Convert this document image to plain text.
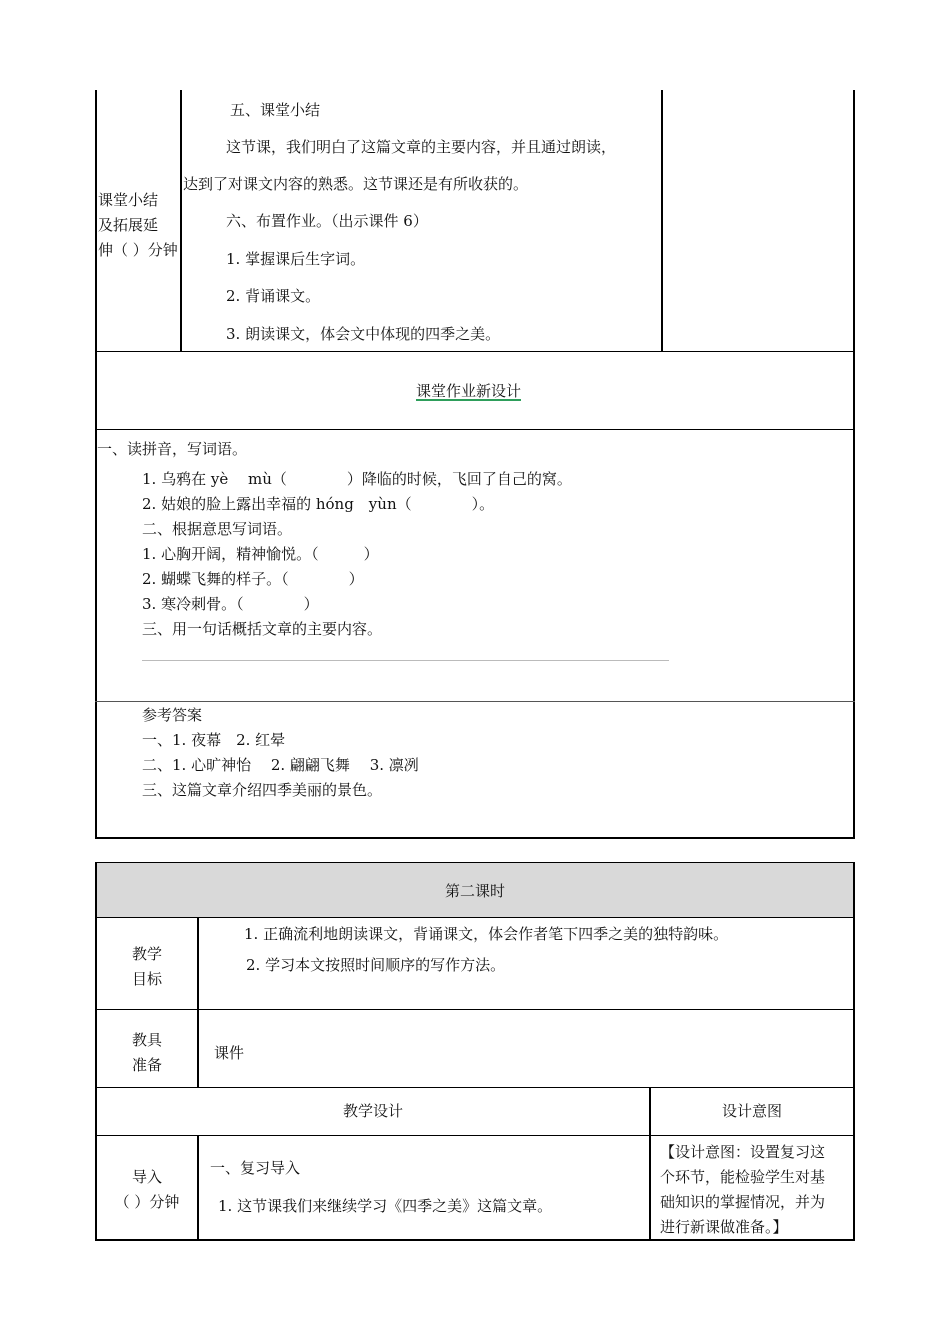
课堂小结
及拓展延
伸（ ）分钟
五、课堂小结
这节课，我们明白了这篇文章的主要内容，并且通过朗读，
达到了对课文内容的熟悉。这节课还是有所收获的。
六、布置作业。（出示课件 6）
1. 掌握课后生字词。
2. 背诵课文。
3. 朗读课文，体会文中体现的四季之美。
课堂作业新设计
一、读拼音，写词语。
1. 乌鸦在 yè　 mù（　　　　）降临的时候，飞回了自己的窝。
2. 姑娘的脸上露出幸福的 hóng　yùn（　　　　）。
二、根据意思写词语。
1. 心胸开阔，精神愉悦。（　　　）
2. 蝴蝶飞舞的样子。（　　　　）
3. 寒冷刺骨。（　　　　）
三、用一句话概括文章的主要内容。
参考答案
一、1. 夜幕　2. 红晕
二、1. 心旷神怡　 2. 翩翩飞舞　 3. 凛冽
三、这篇文章介绍四季美丽的景色。
第二课时
教学
目标
1. 正确流利地朗读课文，背诵课文，体会作者笔下四季之美的独特韵味。
2. 学习本文按照时间顺序的写作方法。
教具
准备
课件
教学设计	设计意图
导入
（ ）分钟
一、复习导入
1. 这节课我们来继续学习《四季之美》这篇文章。
【设计意图：设置复习这
个环节，能检验学生对基
础知识的掌握情况，并为
进行新课做准备。】
